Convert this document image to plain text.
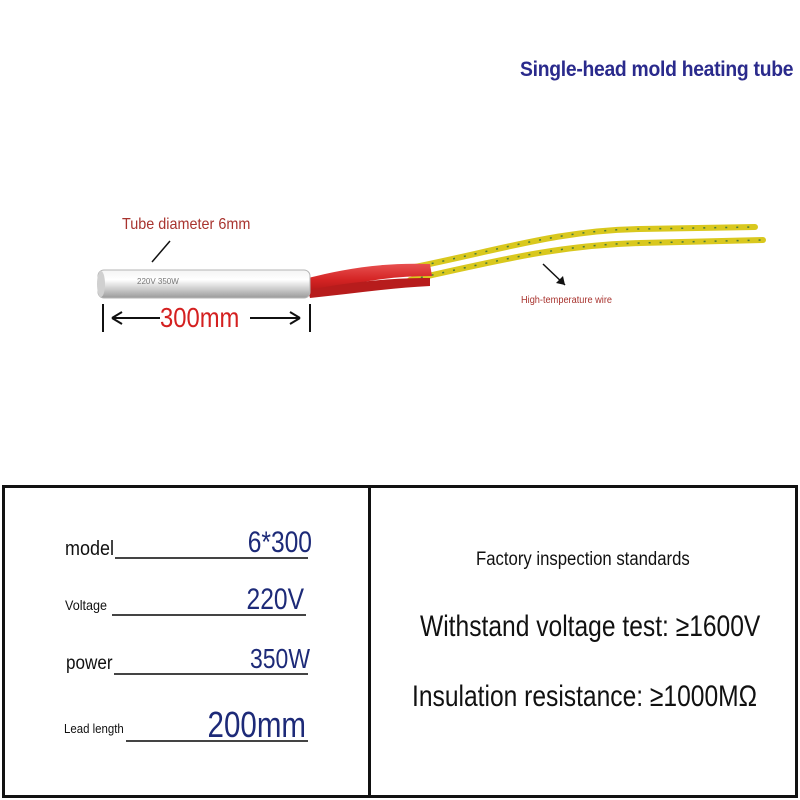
Single-head mold heating tube
220V 350W
Tube diameter 6mm
300mm
High-temperature wire
model	6*300
Voltage	220V
power	350W
Lead length 200mm
Factory inspection standards
Withstand voltage test: ≥1600V
Insulation resistance: ≥1000MΩ
